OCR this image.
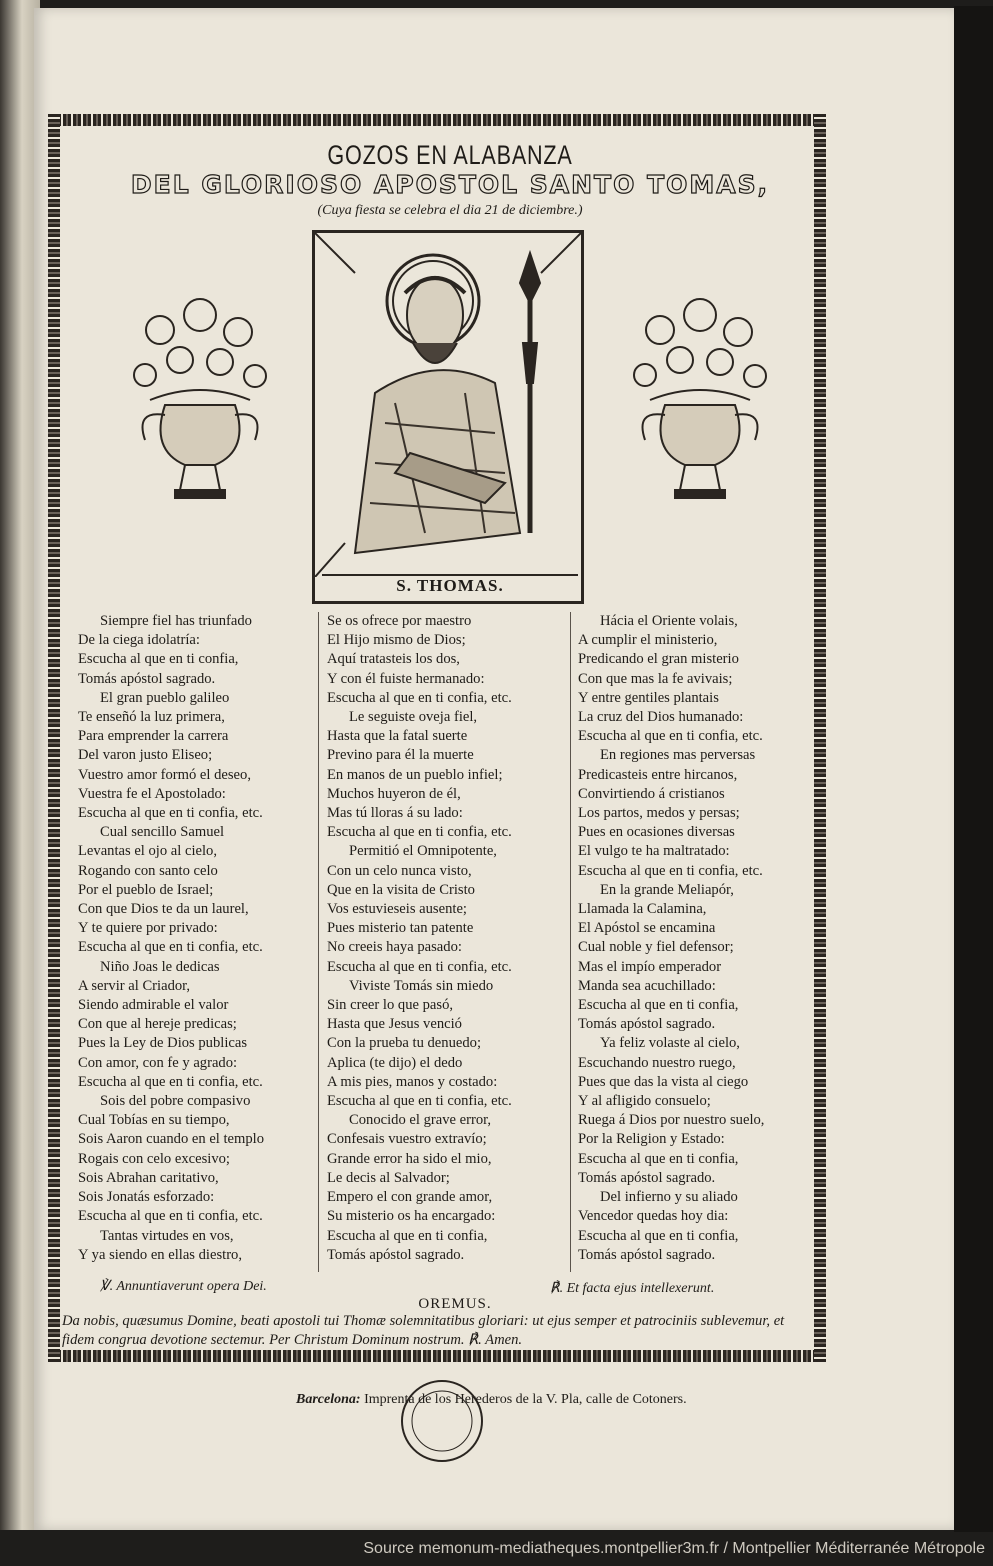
GOZOS EN ALABANZA
DEL GLORIOSO APOSTOL SANTO TOMAS,
(Cuya fiesta se celebra el dia 21 de diciembre.)
S. THOMAS.
Siempre fiel has triunfado
De la ciega idolatría:
Escucha al que en ti confia,
Tomás apóstol sagrado.
El gran pueblo galileo
Te enseñó la luz primera,
Para emprender la carrera
Del varon justo Eliseo;
Vuestro amor formó el deseo,
Vuestra fe el Apostolado:
Escucha al que en ti confia, etc.
Cual sencillo Samuel
Levantas el ojo al cielo,
Rogando con santo celo
Por el pueblo de Israel;
Con que Dios te da un laurel,
Y te quiere por privado:
Escucha al que en ti confia, etc.
Niño Joas le dedicas
A servir al Criador,
Siendo admirable el valor
Con que al hereje predicas;
Pues la Ley de Dios publicas
Con amor, con fe y agrado:
Escucha al que en ti confia, etc.
Sois del pobre compasivo
Cual Tobías en su tiempo,
Sois Aaron cuando en el templo
Rogais con celo excesivo;
Sois Abrahan caritativo,
Sois Jonatás esforzado:
Escucha al que en ti confia, etc.
Tantas virtudes en vos,
Y ya siendo en ellas diestro,
Se os ofrece por maestro
El Hijo mismo de Dios;
Aquí tratasteis los dos,
Y con él fuiste hermanado:
Escucha al que en ti confia, etc.
Le seguiste oveja fiel,
Hasta que la fatal suerte
Previno para él la muerte
En manos de un pueblo infiel;
Muchos huyeron de él,
Mas tú lloras á su lado:
Escucha al que en ti confia, etc.
Permitió el Omnipotente,
Con un celo nunca visto,
Que en la visita de Cristo
Vos estuvieseis ausente;
Pues misterio tan patente
No creeis haya pasado:
Escucha al que en ti confia, etc.
Viviste Tomás sin miedo
Sin creer lo que pasó,
Hasta que Jesus venció
Con la prueba tu denuedo;
Aplica (te dijo) el dedo
A mis pies, manos y costado:
Escucha al que en ti confia, etc.
Conocido el grave error,
Confesais vuestro extravío;
Grande error ha sido el mio,
Le decis al Salvador;
Empero el con grande amor,
Su misterio os ha encargado:
Escucha al que en ti confia,
Tomás apóstol sagrado.
Hácia el Oriente volais,
A cumplir el ministerio,
Predicando el gran misterio
Con que mas la fe avivais;
Y entre gentiles plantais
La cruz del Dios humanado:
Escucha al que en ti confia, etc.
En regiones mas perversas
Predicasteis entre hircanos,
Convirtiendo á cristianos
Los partos, medos y persas;
Pues en ocasiones diversas
El vulgo te ha maltratado:
Escucha al que en ti confia, etc.
En la grande Meliapór,
Llamada la Calamina,
El Apóstol se encamina
Cual noble y fiel defensor;
Mas el impío emperador
Manda sea acuchillado:
Escucha al que en ti confia,
Tomás apóstol sagrado.
Ya feliz volaste al cielo,
Escuchando nuestro ruego,
Pues que das la vista al ciego
Y al afligido consuelo;
Ruega á Dios por nuestro suelo,
Por la Religion y Estado:
Escucha al que en ti confia,
Tomás apóstol sagrado.
Del infierno y su aliado
Vencedor quedas hoy dia:
Escucha al que en ti confia,
Tomás apóstol sagrado.
℣. Annuntiaverunt opera Dei.	℟. Et facta ejus intellexerunt.
OREMUS.
Da nobis, quæsumus Domine, beati apostoli tui Thomæ solemnitatibus gloriari: ut ejus semper et patrociniis sublevemur, et fidem congrua devotione sectemur. Per Christum Dominum nostrum. ℟. Amen.
Barcelona: Imprenta de los Herederos de la V. Pla, calle de Cotoners.
Source memonum-mediatheques.montpellier3m.fr / Montpellier Méditerranée Métropole
